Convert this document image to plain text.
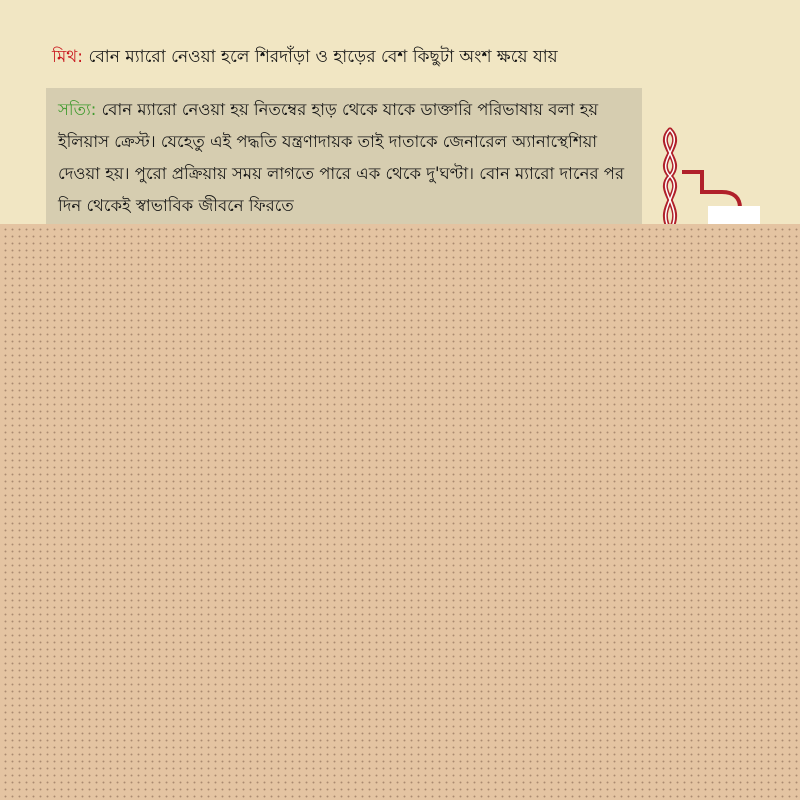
মিথ: বোন ম্যারো নেওয়া হলে শিরদাঁড়া ও হাড়ের বেশ কিছুটা অংশ ক্ষয়ে যায়
সত্যি: বোন ম্যারো নেওয়া হয় নিতম্বের হাড় থেকে যাকে ডাক্তারি পরিভাষায় বলা হয় ইলিয়াস ক্রেস্ট। যেহেতু এই পদ্ধতি যন্ত্রণাদায়ক তাই দাতাকে জেনারেল অ্যানাস্থেশিয়া দেওয়া হয়। পুরো প্রক্রিয়ায় সময় লাগতে পারে এক থেকে দু'ঘণ্টা। বোন ম্যারো দানের পর দিন থেকেই স্বাভাবিক জীবনে ফিরতে
